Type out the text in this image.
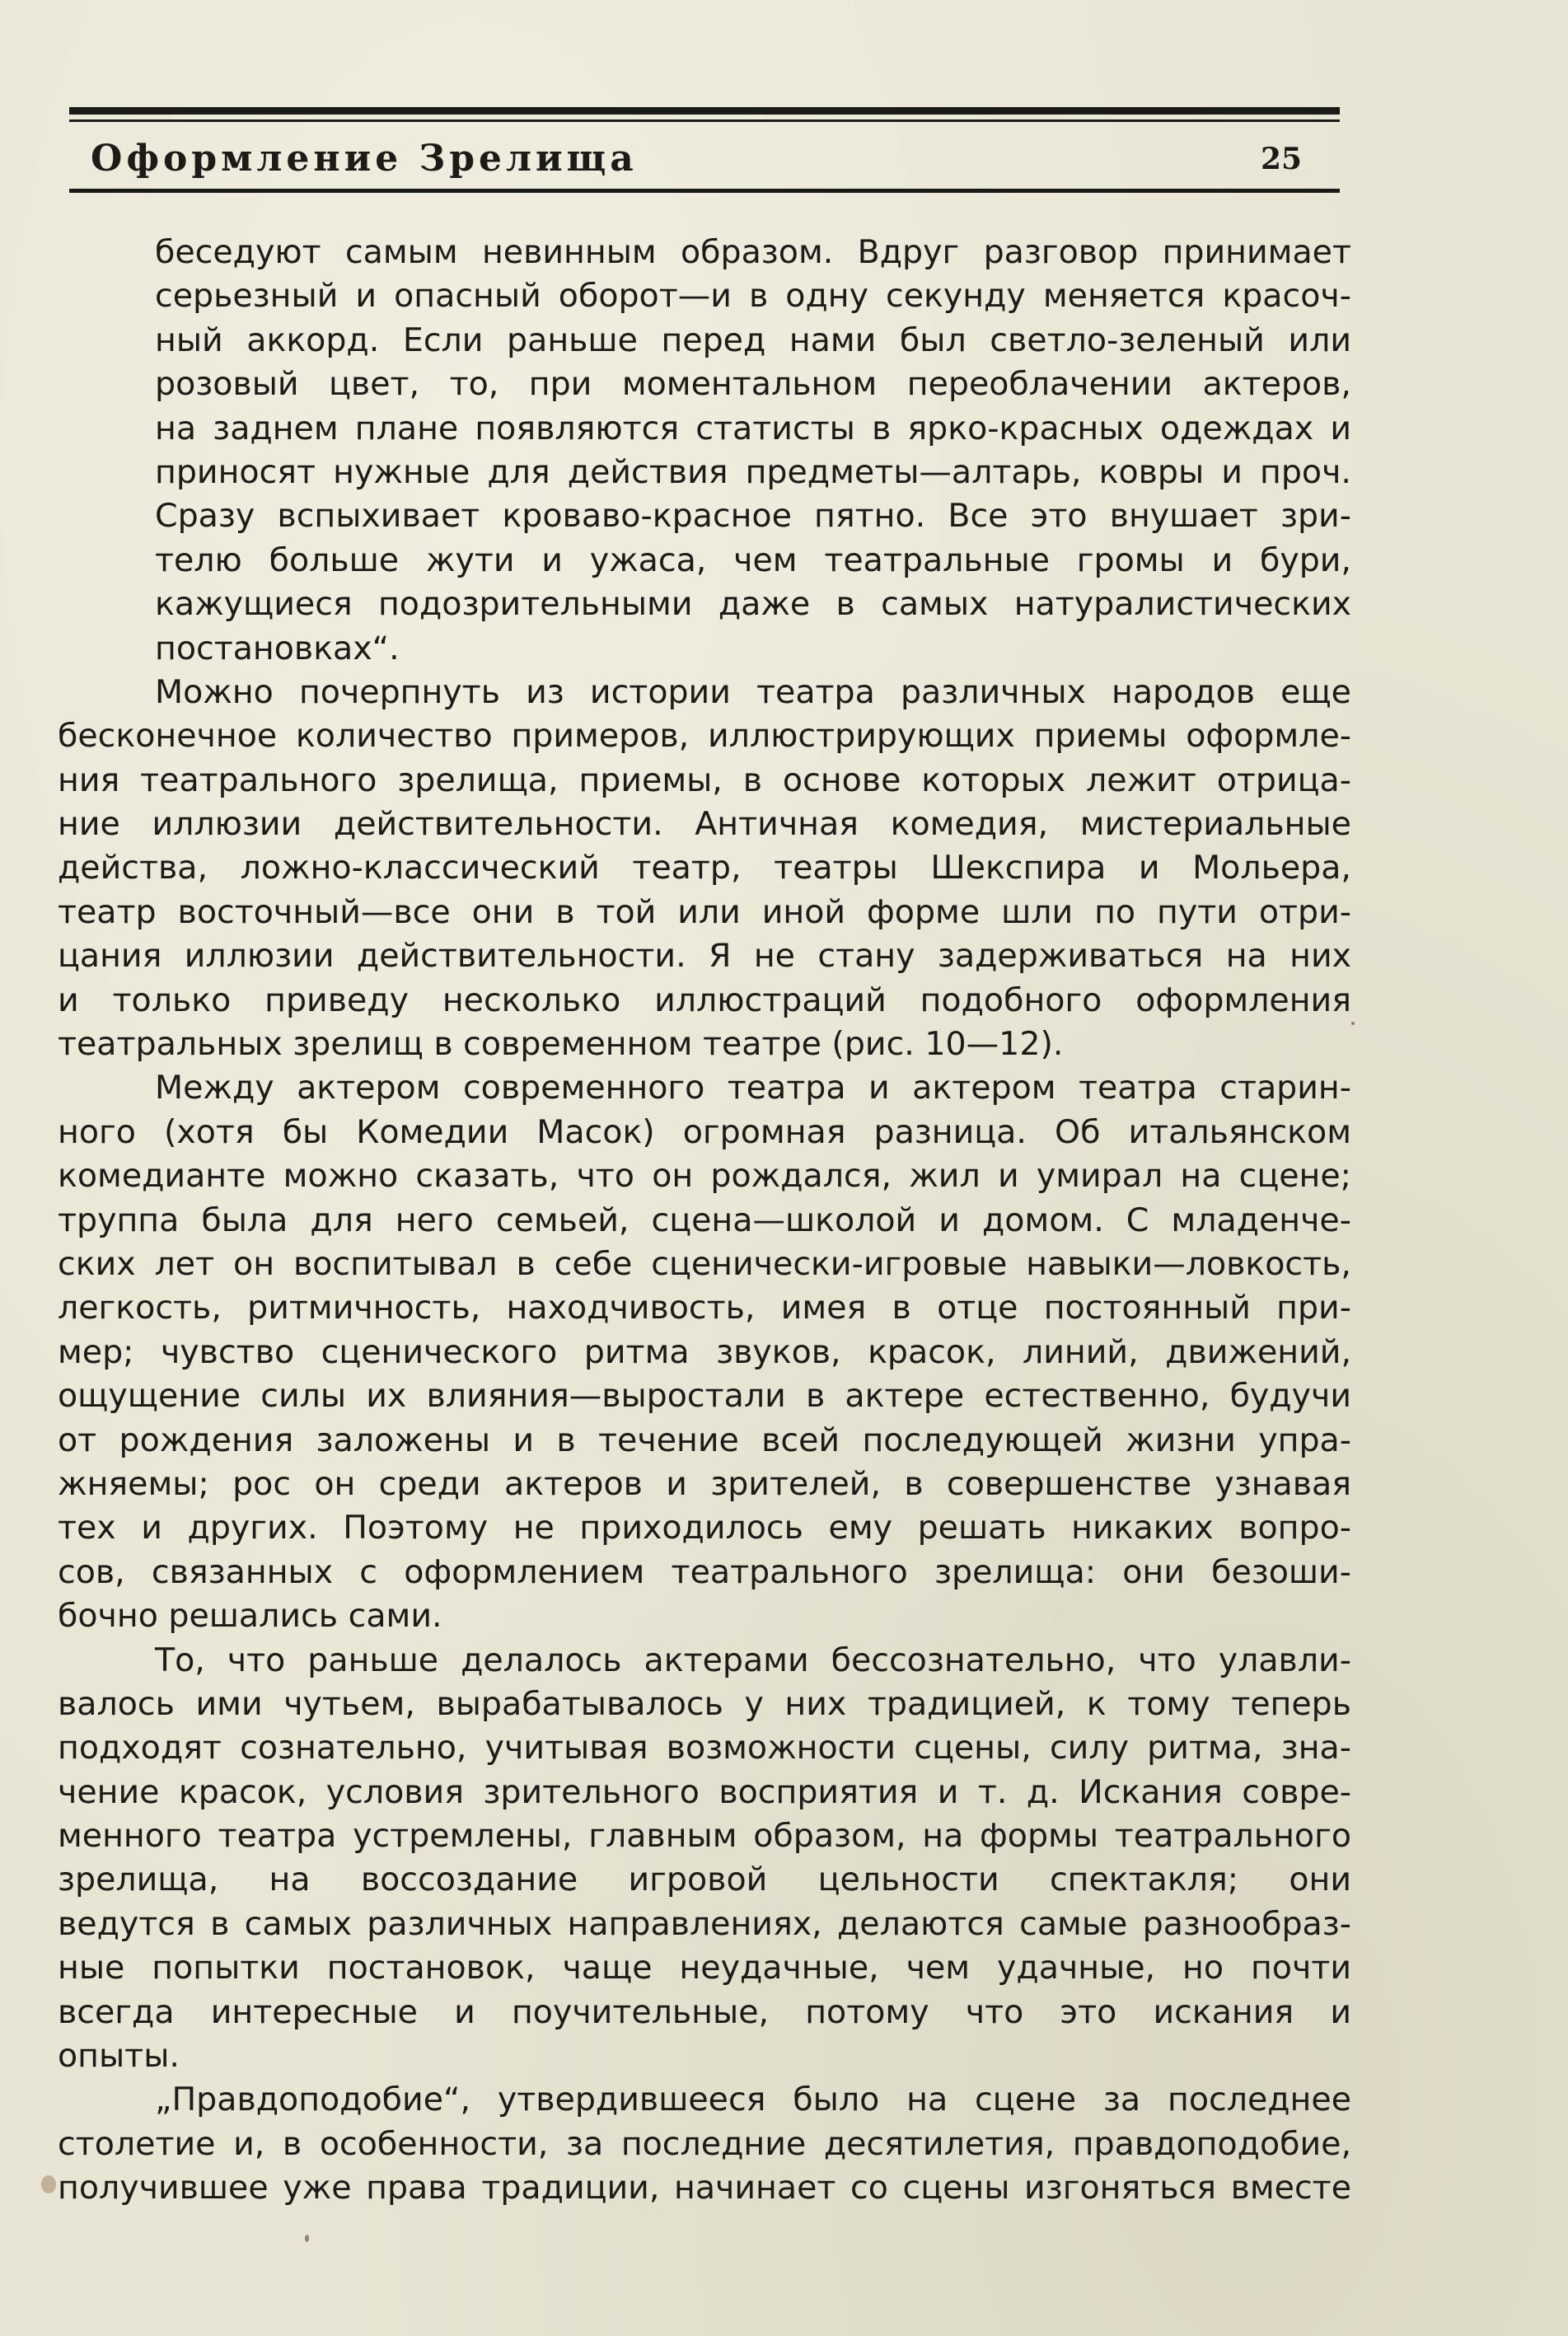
Оформление Зрелища	25
беседуют самым невинным образом. Вдруг разговор принимает
серьезный и опасный оборот—и в одну секунду меняется красоч-
ный аккорд. Если раньше перед нами был светло-зеленый или
розовый цвет, то, при моментальном переоблачении актеров,
на заднем плане появляются статисты в ярко-красных одеждах и
приносят нужные для действия предметы—алтарь, ковры и проч.
Сразу вспыхивает кроваво-красное пятно. Все это внушает зри-
телю больше жути и ужаса, чем театральные громы и бури,
кажущиеся подозрительными даже в самых натуралистических
постановках“.
Можно почерпнуть из истории театра различных народов еще
бесконечное количество примеров, иллюстрирующих приемы оформле-
ния театрального зрелища, приемы, в основе которых лежит отрица-
ние иллюзии действительности. Античная комедия, мистериальные
действа, ложно-классический театр, театры Шекспира и Мольера,
театр восточный—все они в той или иной форме шли по пути отри-
цания иллюзии действительности. Я не стану задерживаться на них
и только приведу несколько иллюстраций подобного оформления
театральных зрелищ в современном театре (рис. 10—12).
Между актером современного театра и актером театра старин-
ного (хотя бы Комедии Масок) огромная разница. Об итальянском
комедианте можно сказать, что он рождался, жил и умирал на сцене;
труппа была для него семьей, сцена—школой и домом. С младенче-
ских лет он воспитывал в себе сценически-игровые навыки—ловкость,
легкость, ритмичность, находчивость, имея в отце постоянный при-
мер; чувство сценического ритма звуков, красок, линий, движений,
ощущение силы их влияния—выростали в актере естественно, будучи
от рождения заложены и в течение всей последующей жизни упра-
жняемы; рос он среди актеров и зрителей, в совершенстве узнавая
тех и других. Поэтому не приходилось ему решать никаких вопро-
сов, связанных с оформлением театрального зрелища: они безоши-
бочно решались сами.
То, что раньше делалось актерами бессознательно, что улавли-
валось ими чутьем, вырабатывалось у них традицией, к тому теперь
подходят сознательно, учитывая возможности сцены, силу ритма, зна-
чение красок, условия зрительного восприятия и т. д. Искания совре-
менного театра устремлены, главным образом, на формы театрального
зрелища, на воссоздание игровой цельности спектакля; они
ведутся в самых различных направлениях, делаются самые разнообраз-
ные попытки постановок, чаще неудачные, чем удачные, но почти
всегда интересные и поучительные, потому что это искания и
опыты.
„Правдоподобие“, утвердившееся было на сцене за последнее
столетие и, в особенности, за последние десятилетия, правдоподобие,
получившее уже права традиции, начинает со сцены изгоняться вместе
